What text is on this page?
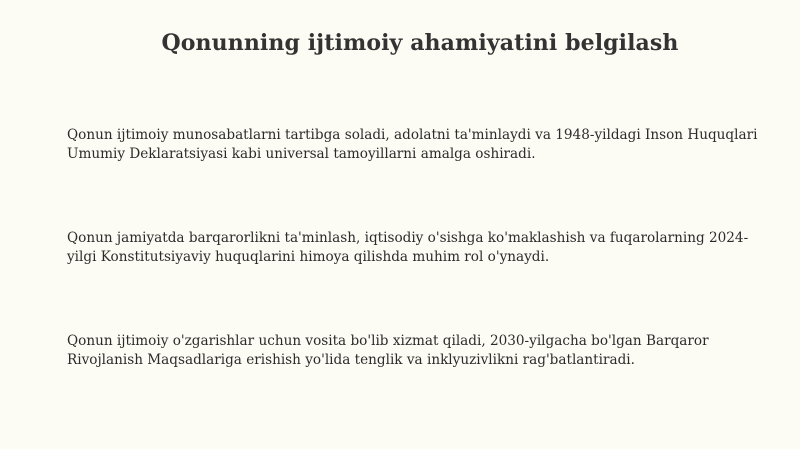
Qonunning ijtimoiy ahamiyatini belgilash

Qonun ijtimoiy munosabatlarni tartibga soladi, adolatni ta'minlaydi va 1948-yildagi Inson Huquqlari Umumiy Deklaratsiyasi kabi universal tamoyillarni amalga oshiradi.

Qonun jamiyatda barqarorlikni ta'minlash, iqtisodiy o'sishga ko'maklashish va fuqarolarning 2024-yilgi Konstitutsiyaviy huquqlarini himoya qilishda muhim rol o'ynaydi.

Qonun ijtimoiy o'zgarishlar uchun vosita bo'lib xizmat qiladi, 2030-yilgacha bo'lgan Barqaror Rivojlanish Maqsadlariga erishish yo'lida tenglik va inklyuzivlikni rag'batlantiradi.
